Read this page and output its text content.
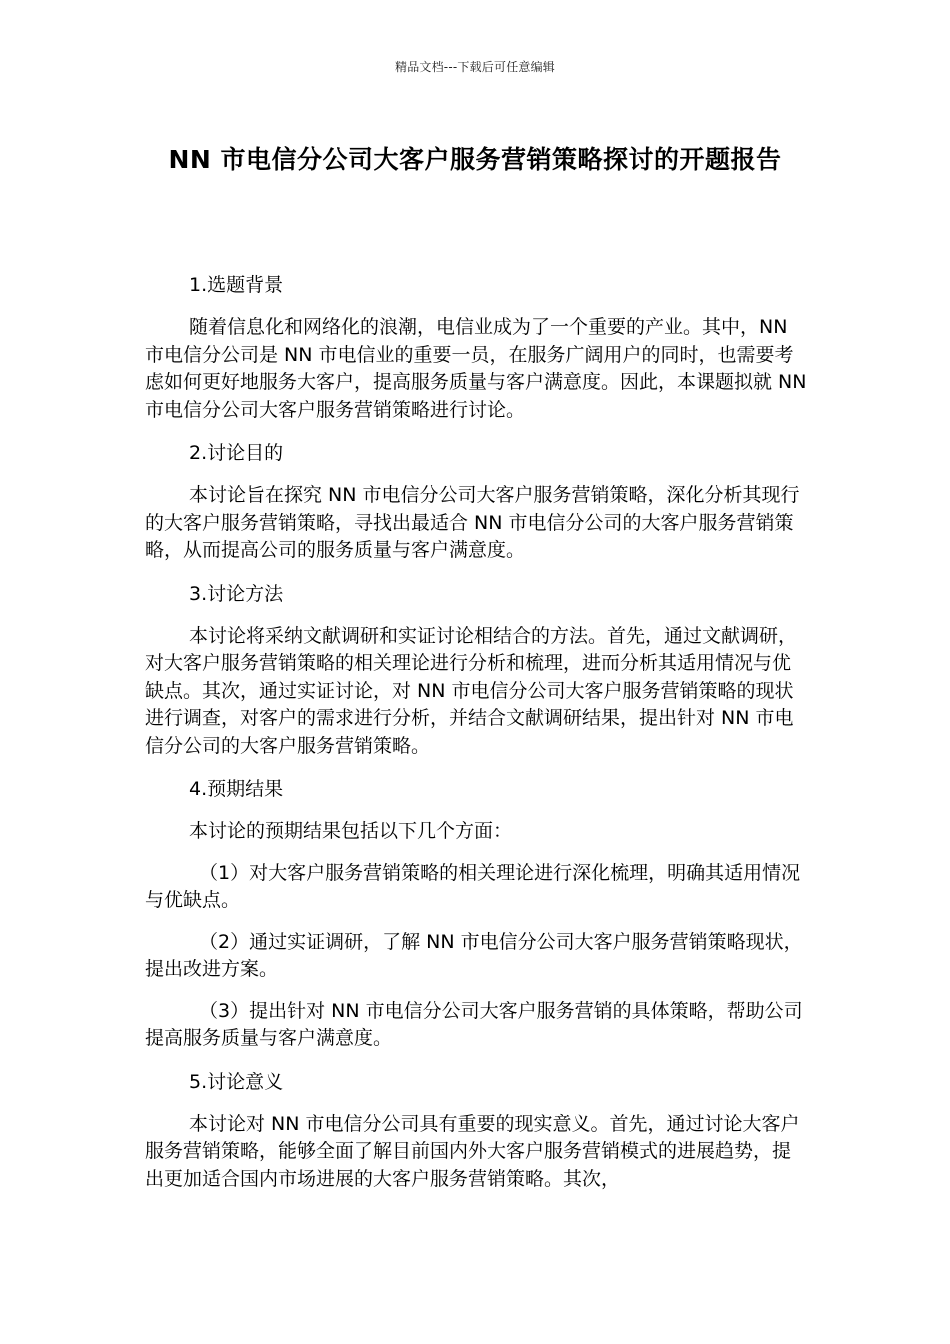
精品文档---下载后可任意编辑
NN 市电信分公司大客户服务营销策略探讨的开题报告

1.选题背景

随着信息化和网络化的浪潮，电信业成为了一个重要的产业。其中，NN 市电信分公司是 NN 市电信业的重要一员，在服务广阔用户的同时，也需要考虑如何更好地服务大客户，提高服务质量与客户满意度。因此，本课题拟就 NN 市电信分公司大客户服务营销策略进行讨论。

2.讨论目的

本讨论旨在探究 NN 市电信分公司大客户服务营销策略，深化分析其现行的大客户服务营销策略，寻找出最适合 NN 市电信分公司的大客户服务营销策略，从而提高公司的服务质量与客户满意度。

3.讨论方法

本讨论将采纳文献调研和实证讨论相结合的方法。首先，通过文献调研，对大客户服务营销策略的相关理论进行分析和梳理，进而分析其适用情况与优缺点。其次，通过实证讨论，对 NN 市电信分公司大客户服务营销策略的现状进行调查，对客户的需求进行分析，并结合文献调研结果，提出针对 NN 市电信分公司的大客户服务营销策略。

4.预期结果

本讨论的预期结果包括以下几个方面：

（1）对大客户服务营销策略的相关理论进行深化梳理，明确其适用情况与优缺点。

（2）通过实证调研，了解 NN 市电信分公司大客户服务营销策略现状，提出改进方案。

（3）提出针对 NN 市电信分公司大客户服务营销的具体策略，帮助公司提高服务质量与客户满意度。

5.讨论意义

本讨论对 NN 市电信分公司具有重要的现实意义。首先，通过讨论大客户服务营销策略，能够全面了解目前国内外大客户服务营销模式的进展趋势，提出更加适合国内市场进展的大客户服务营销策略。其次，
